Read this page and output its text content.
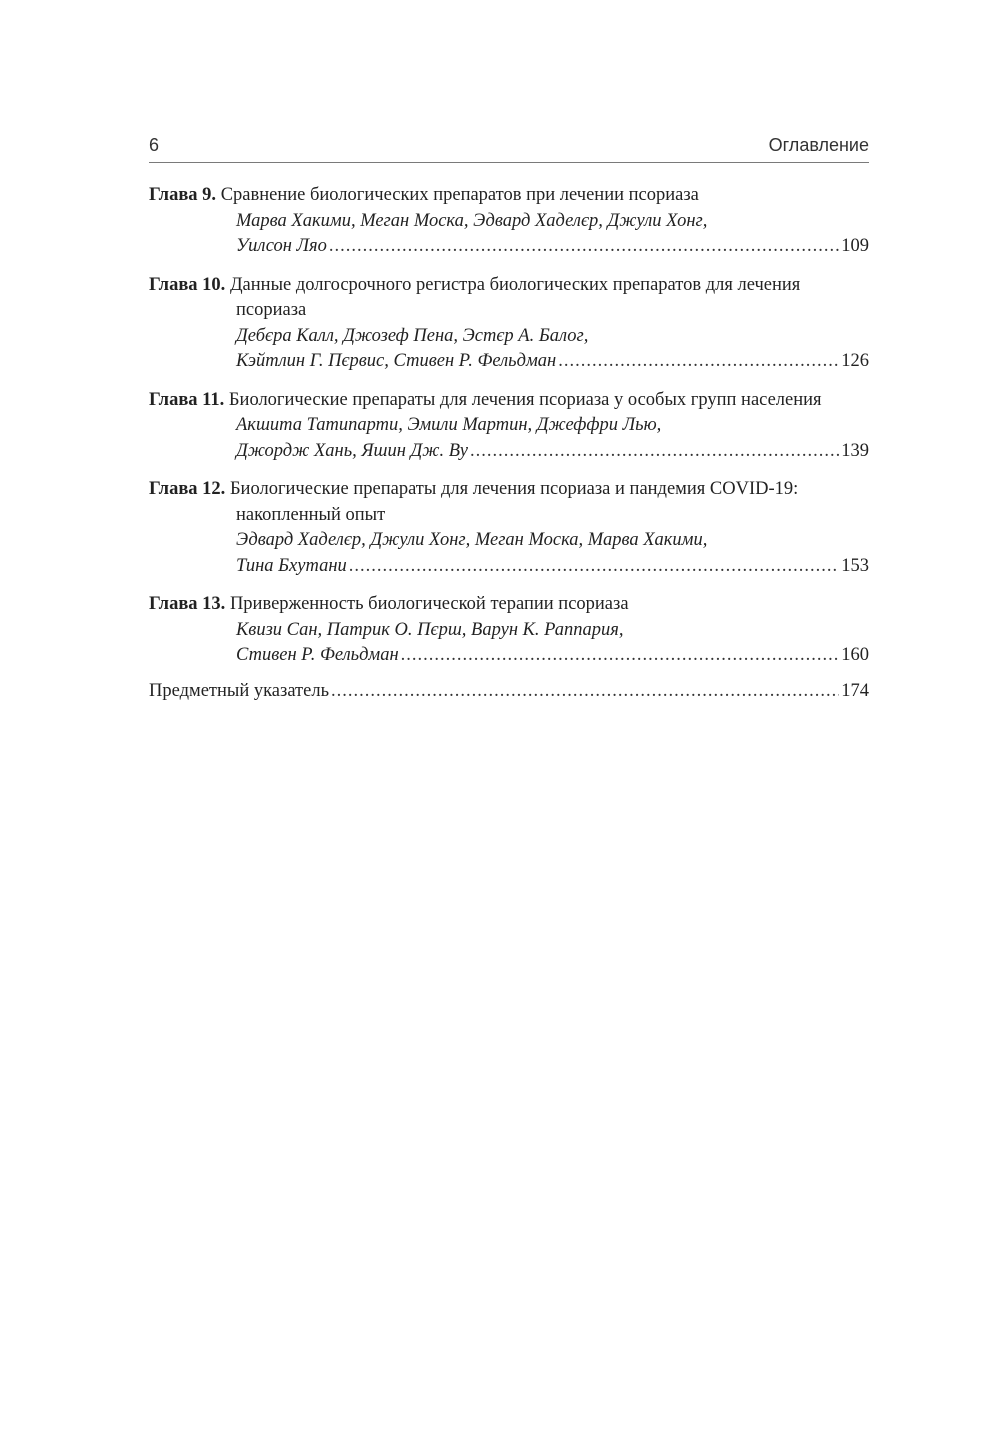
6	Оглавление
Глава 9. Сравнение биологических препаратов при лечении псориаза
Марва Хакими, Меган Моска, Эдвард Хаделєр, Джули Хонг,
Уилсон Ляо .....	109
Глава 10. Данные долгосрочного регистра биологических препаратов для лечения псориаза
Дебєра Калл, Джозеф Пена, Эстєр А. Балог,
Кэйтлин Г. Пєрвис, Стивен Р. Фельдман .....	126
Глава 11. Биологические препараты для лечения псориаза у особых групп населения
Акшита Татипарти, Эмили Мартин, Джеффри Лью,
Джордж Хань, Яшин Дж. Ву .....	139
Глава 12. Биологические препараты для лечения псориаза и пандемия COVID-19: накопленный опыт
Эдвард Хаделєр, Джули Хонг, Меган Моска, Марва Хакими,
Тина Бхутани .....	153
Глава 13. Приверженность биологической терапии псориаза
Квизи Сан, Патрик О. Пєрш, Варун К. Раппария,
Стивен Р. Фельдман .....	160
Предметный указатель .....	174
